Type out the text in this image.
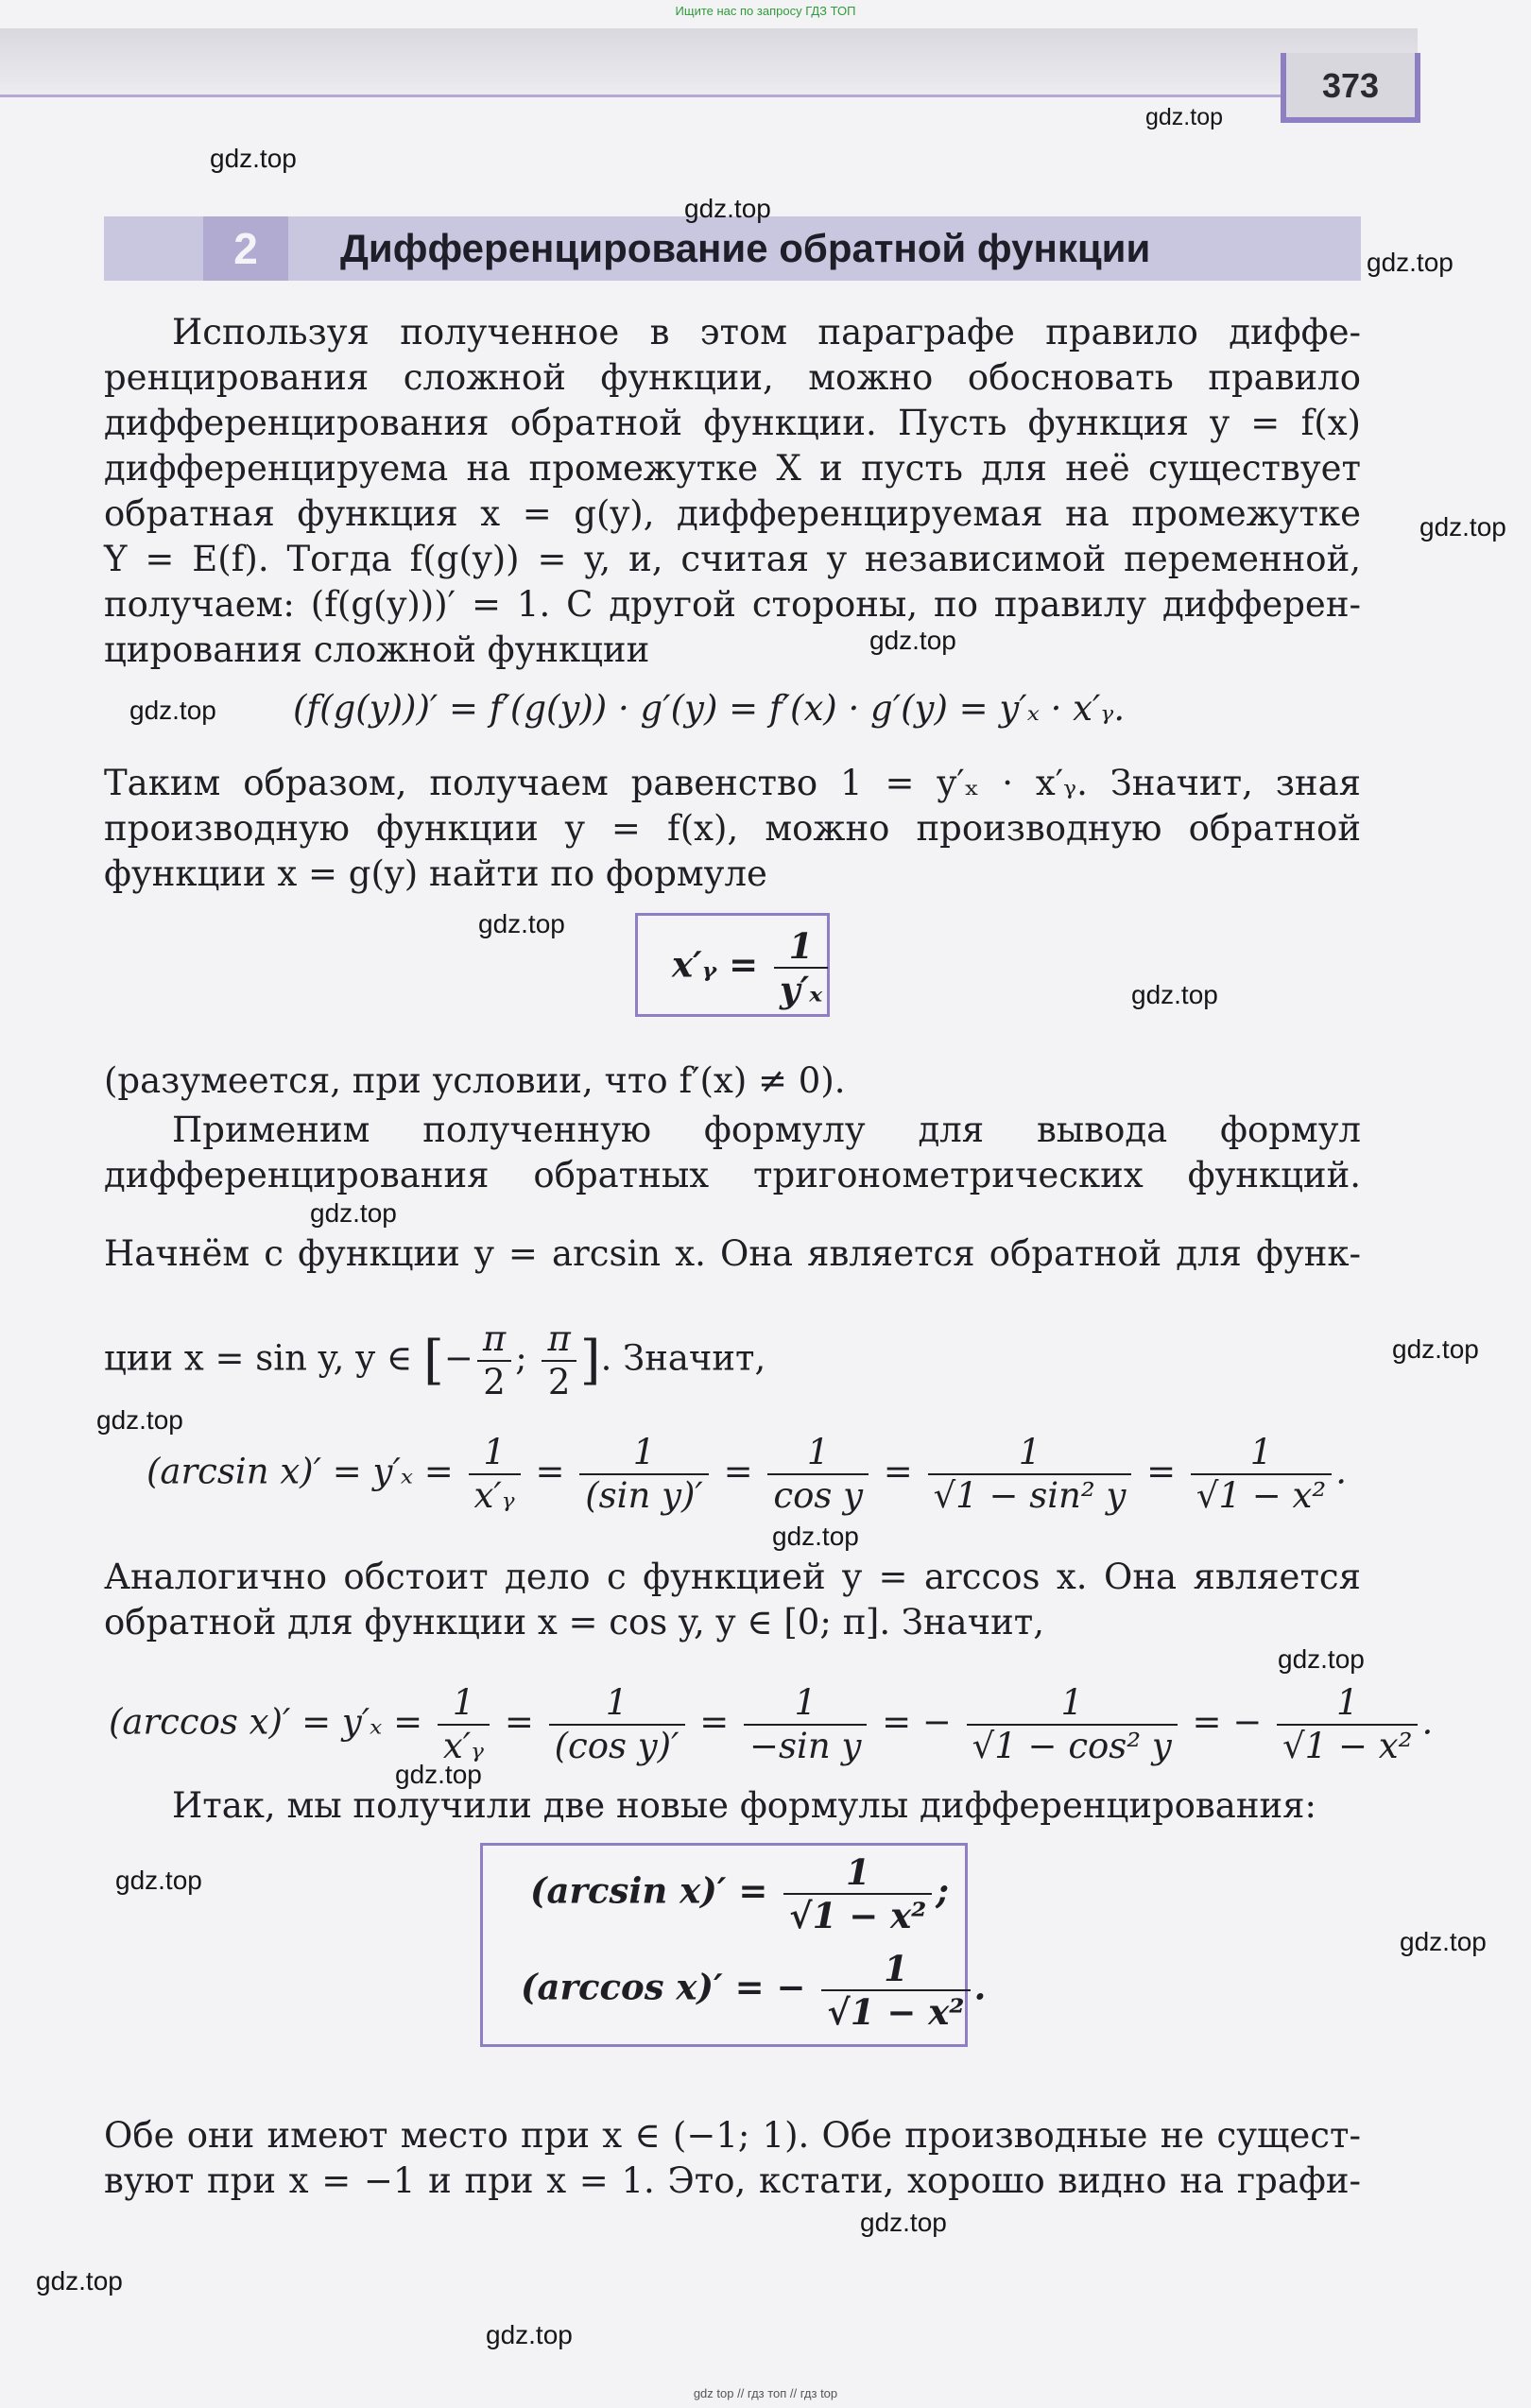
Ищите нас по запросу ГДЗ ТОП
373
2	Дифференцирование обратной функции
Используя полученное в этом параграфе правило диффе-
ренцирования сложной функции, можно обосновать правило
дифференцирования обратной функции. Пусть функция y = f(x)
дифференцируема на промежутке X и пусть для неё существует
обратная функция x = g(y), дифференцируемая на промежутке
Y = E(f). Тогда f(g(y)) = y, и, считая y независимой переменной,
получаем: (f(g(y)))′ = 1. С другой стороны, по правилу дифферен-
цирования сложной функции
(f(g(y)))′ = f′(g(y)) · g′(y) = f′(x) · g′(y) = y′ₓ · x′ᵧ.
Таким образом, получаем равенство 1 = y′ₓ · x′ᵧ. Значит, зная
производную функции y = f(x), можно производную обратной
функции x = g(y) найти по формуле
x′ᵧ = $\frac{1}{\text{y′ₓ}}$
(разумеется, при условии, что f′(x) ≠ 0).
Применим полученную формулу для вывода формул
дифференцирования обратных тригонометрических функций.
Начнём с функции y = arcsin x. Она является обратной для функ-
ции x = sin y, y ∈ [− $\frac{\pi}{2}$ ; $\frac{\pi}{2}$ ]. Значит,
(arcsin $x)' = y'_x = \frac{1}{\text{x′ᵧ}} = \frac{1}{\text{(sin y)′}} = \frac{1}{\text{cos y}} = \frac{1}{\text{√1 − sin² y}} = \frac{1}{\text{√1 − x²}}$ .
Аналогично обстоит дело с функцией y = arccos x. Она является
обратной для функции x = cos y, y ∈ [0; π]. Значит,
(arccos $x)' = y'_x = \frac{1}{\text{x′ᵧ}} = \frac{1}{\text{(cos y)′}} = \frac{1}{\text{−sin y}}$ = − $\frac{1}{\text{√1 − cos² y}}$ = − $\frac{1}{\text{√1 − x²}}$ .
Итак, мы получили две новые формулы дифференцирования:
(arcsin $x)' = \frac{1}{\text{√1 − x²}}$ ;
(arccos x)′ = − $\frac{1}{\text{√1 − x²}}$ .
Обе они имеют место при x ∈ (−1; 1). Обе производные не сущест-
вуют при x = −1 и при x = 1. Это, кстати, хорошо видно на графи-
gdz.top
gdz.top
gdz.top
gdz.top
gdz.top
gdz.top
gdz.top
gdz.top
gdz.top
gdz.top
gdz.top
gdz.top
gdz.top
gdz.top
gdz.top
gdz.top
gdz.top
gdz.top
gdz.top
gdz.top
gdz top // гдз топ // гдз top
